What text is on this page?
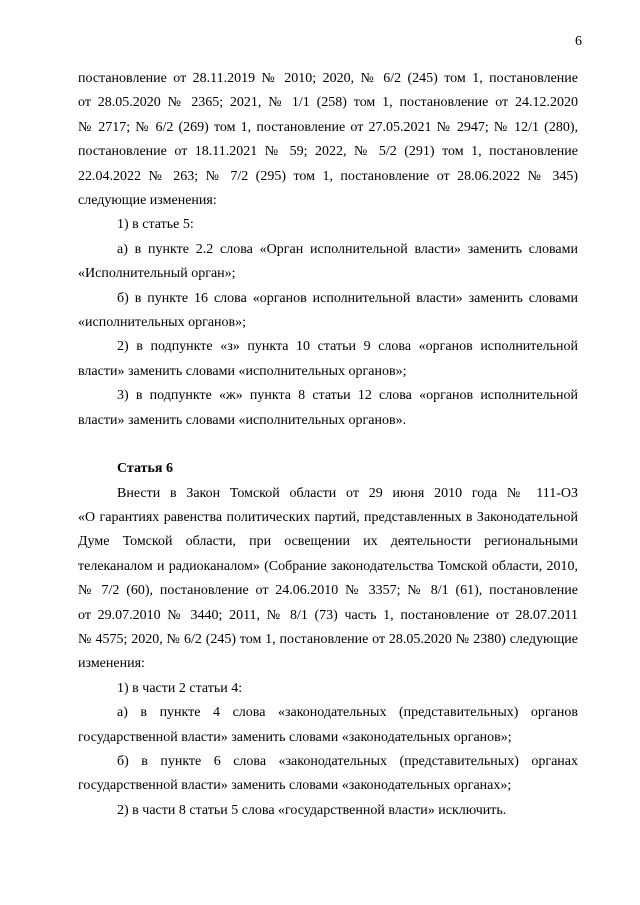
6

постановление от 28.11.2019 № 2010; 2020, № 6/2 (245) том 1, постановление

от 28.05.2020 № 2365; 2021, № 1/1 (258) том 1, постановление от 24.12.2020

№ 2717; № 6/2 (269) том 1, постановление от 27.05.2021 № 2947; № 12/1 (280),

постановление от 18.11.2021 № 59; 2022, № 5/2 (291) том 1, постановление

22.04.2022 № 263; № 7/2 (295) том 1, постановление от 28.06.2022 № 345)

следующие изменения:

1) в статье 5:

а) в пункте 2.2 слова «Орган исполнительной власти» заменить словами

«Исполнительный орган»;

б) в пункте 16 слова «органов исполнительной власти» заменить словами

«исполнительных органов»;

2) в подпункте «з» пункта 10 статьи 9 слова «органов исполнительной

власти» заменить словами «исполнительных органов»;

3) в подпункте «ж» пункта 8 статьи 12 слова «органов исполнительной

власти» заменить словами «исполнительных органов».

Статья 6

Внести в Закон Томской области от 29 июня 2010 года № 111-ОЗ

«О гарантиях равенства политических партий, представленных в Законодательной

Думе Томской области, при освещении их деятельности региональными

телеканалом и радиоканалом» (Собрание законодательства Томской области, 2010,

№ 7/2 (60), постановление от 24.06.2010 № 3357; № 8/1 (61), постановление

от 29.07.2010 № 3440; 2011, № 8/1 (73) часть 1, постановление от 28.07.2011

№ 4575; 2020, № 6/2 (245) том 1, постановление от 28.05.2020 № 2380) следующие

изменения:

1) в части 2 статьи 4:

а) в пункте 4 слова «законодательных (представительных) органов

государственной власти» заменить словами «законодательных органов»;

б) в пункте 6 слова «законодательных (представительных) органах

государственной власти» заменить словами «законодательных органах»;

2) в части 8 статьи 5 слова «государственной власти» исключить.
